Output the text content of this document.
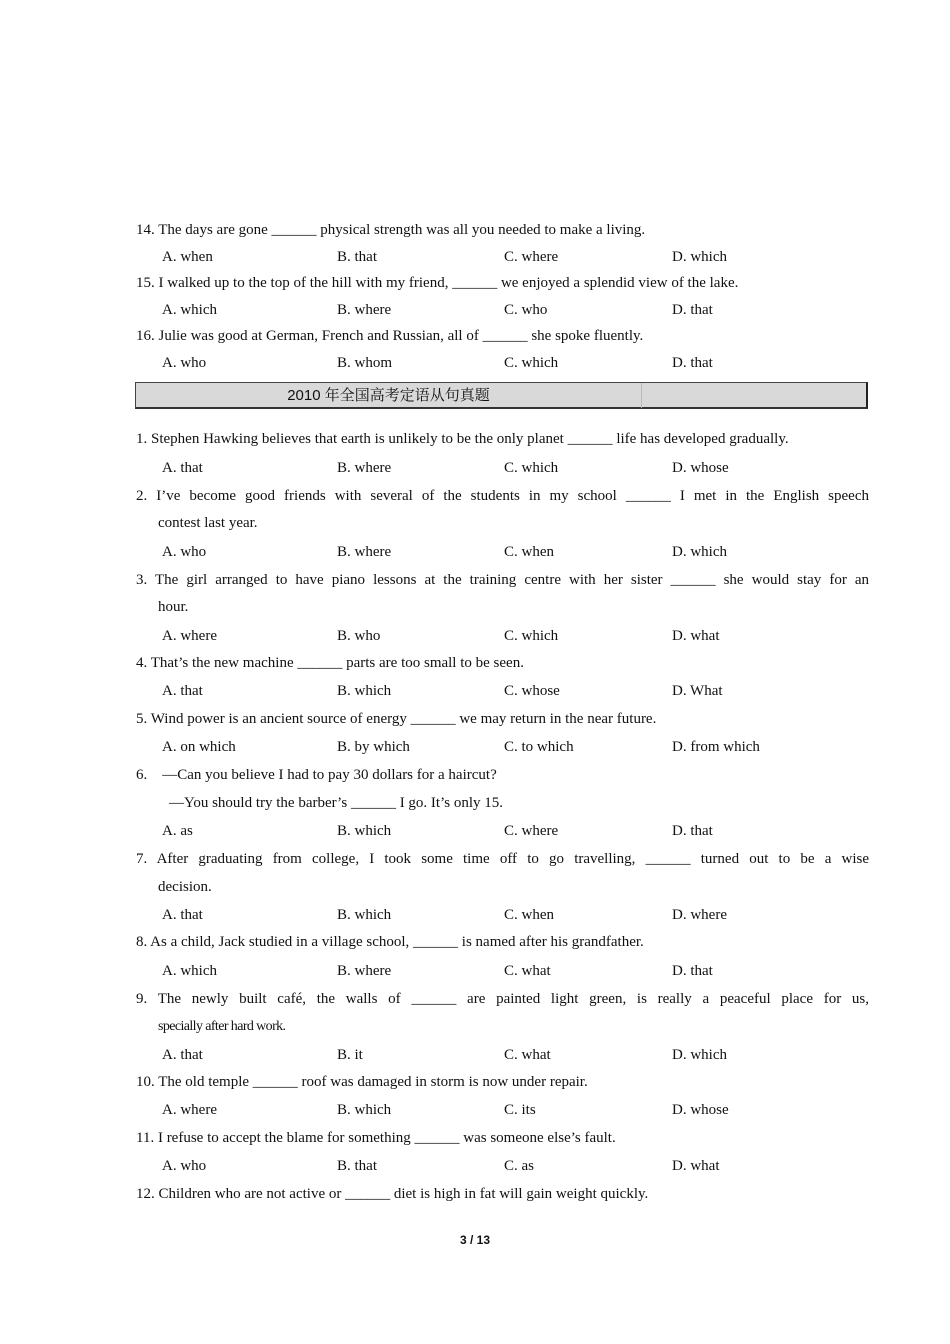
14. The days are gone ______ physical strength was all you needed to make a living.
A. when	B. that	C. where	D. which
15. I walked up to the top of the hill with my friend, ______ we enjoyed a splendid view of the lake.
A. which	B. where	C. who	D. that
16. Julie was good at German, French and Russian, all of ______ she spoke fluently.
A. who	B. whom	C. which	D. that
2010 年全国高考定语从句真题
1. Stephen Hawking believes that earth is unlikely to be the only planet ______ life has developed gradually.
A. that	B. where	C. which	D. whose
2. I’ve become good friends with several of the students in my school ______ I met in the English speech
contest last year.
A. who	B. where	C. when	D. which
3. The girl arranged to have piano lessons at the training centre with her sister ______ she would stay for an
hour.
A. where	B. who	C. which	D. what
4. That’s the new machine ______ parts are too small to be seen.
A. that	B. which	C. whose	D. What
5. Wind power is an ancient source of energy ______ we may return in the near future.
A. on which	B. by which	C. to which	D. from which
6.    —Can you believe I had to pay 30 dollars for a haircut?
—You should try the barber’s ______ I go. It’s only 15.
A. as	B. which	C. where	D. that
7. After graduating from college, I took some time off to go travelling, ______ turned out to be a wise
decision.
A. that	B. which	C. when	D. where
8. As a child, Jack studied in a village school, ______ is named after his grandfather.
A. which	B. where	C. what	D. that
9. The newly built café, the walls of ______ are painted light green, is really a peaceful place for us,
specially after hard work.
A. that	B. it	C. what	D. which
10. The old temple ______ roof was damaged in storm is now under repair.
A. where	B. which	C. its	D. whose
11. I refuse to accept the blame for something ______ was someone else’s fault.
A. who	B. that	C. as	D. what
12. Children who are not active or ______ diet is high in fat will gain weight quickly.
3 / 13
